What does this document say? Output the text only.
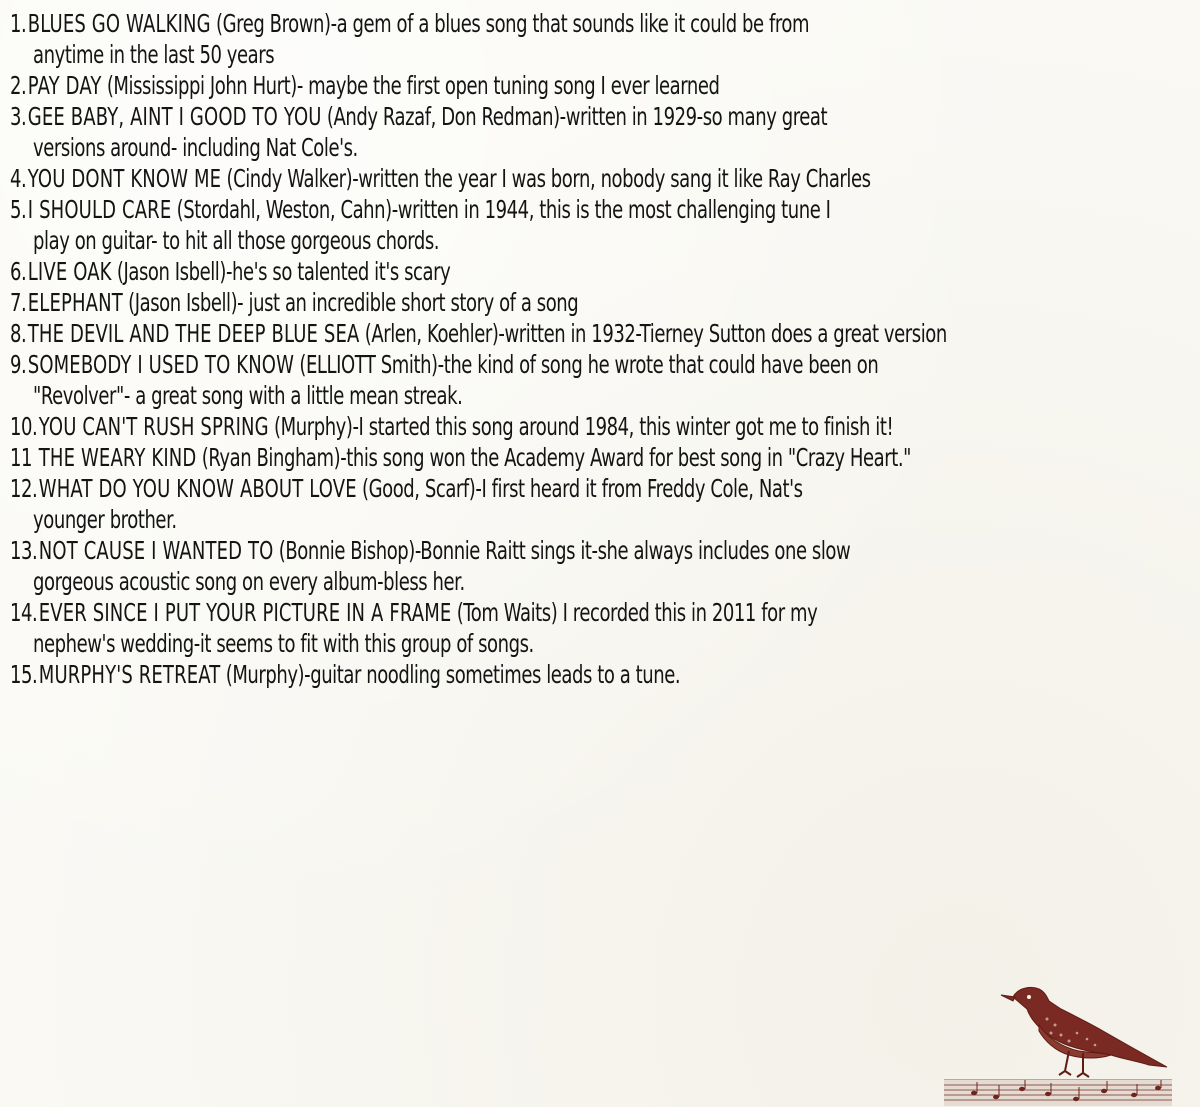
1.BLUES GO WALKING (Greg Brown)-a gem of a blues song that sounds like it could be from
anytime in the last 50 years
2.PAY DAY (Mississippi John Hurt)- maybe the first open tuning song I ever learned
3.GEE BABY, AINT I GOOD TO YOU (Andy Razaf, Don Redman)-written in 1929-so many great
versions around- including Nat Cole's.
4.YOU DONT KNOW ME (Cindy Walker)-written the year I was born, nobody sang it like Ray Charles
5.I SHOULD CARE (Stordahl, Weston, Cahn)-written in 1944, this is the most challenging tune I
play on guitar- to hit all those gorgeous chords.
6.LIVE OAK (Jason Isbell)-he's so talented it's scary
7.ELEPHANT (Jason Isbell)- just an incredible short story of a song
8.THE DEVIL AND THE DEEP BLUE SEA (Arlen, Koehler)-written in 1932-Tierney Sutton does a great version
9.SOMEBODY I USED TO KNOW (ELLIOTT Smith)-the kind of song he wrote that could have been on
"Revolver"- a great song with a little mean streak.
10.YOU CAN'T RUSH SPRING (Murphy)-I started this song around 1984, this winter got me to finish it!
11 THE WEARY KIND (Ryan Bingham)-this song won the Academy Award for best song in "Crazy Heart."
12.WHAT DO YOU KNOW ABOUT LOVE (Good, Scarf)-I first heard it from Freddy Cole, Nat's
younger brother.
13.NOT CAUSE I WANTED TO (Bonnie Bishop)-Bonnie Raitt sings it-she always includes one slow
gorgeous acoustic song on every album-bless her.
14.EVER SINCE I PUT YOUR PICTURE IN A FRAME (Tom Waits) I recorded this in 2011 for my
nephew's wedding-it seems to fit with this group of songs.
15.MURPHY'S RETREAT (Murphy)-guitar noodling sometimes leads to a tune.
